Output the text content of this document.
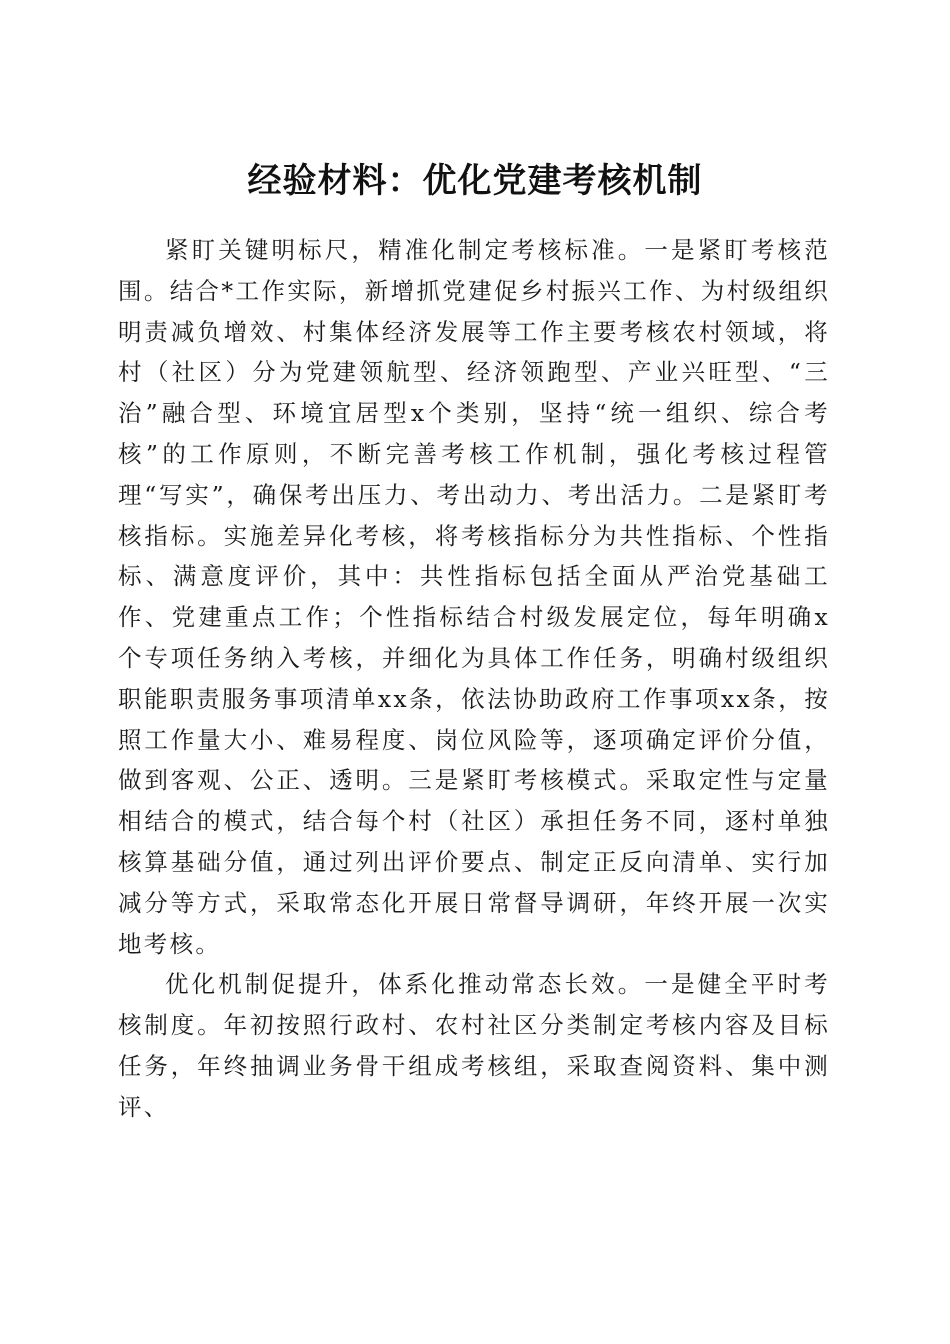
经验材料：优化党建考核机制

紧盯关键明标尺，精准化制定考核标准。一是紧盯考核范围。结合*工作实际，新增抓党建促乡村振兴工作、为村级组织明责减负增效、村集体经济发展等工作主要考核农村领域，将村（社区）分为党建领航型、经济领跑型、产业兴旺型、“三治”融合型、环境宜居型x个类别，坚持“统一组织、综合考核”的工作原则，不断完善考核工作机制，强化考核过程管理“写实”，确保考出压力、考出动力、考出活力。二是紧盯考核指标。实施差异化考核，将考核指标分为共性指标、个性指标、满意度评价，其中：共性指标包括全面从严治党基础工作、党建重点工作；个性指标结合村级发展定位，每年明确x个专项任务纳入考核，并细化为具体工作任务，明确村级组织职能职责服务事项清单xx条，依法协助政府工作事项xx条，按照工作量大小、难易程度、岗位风险等，逐项确定评价分值，做到客观、公正、透明。三是紧盯考核模式。采取定性与定量相结合的模式，结合每个村（社区）承担任务不同，逐村单独核算基础分值，通过列出评价要点、制定正反向清单、实行加减分等方式，采取常态化开展日常督导调研，年终开展一次实地考核。

优化机制促提升，体系化推动常态长效。一是健全平时考核制度。年初按照行政村、农村社区分类制定考核内容及目标任务，年终抽调业务骨干组成考核组，采取查阅资料、集中测评、
